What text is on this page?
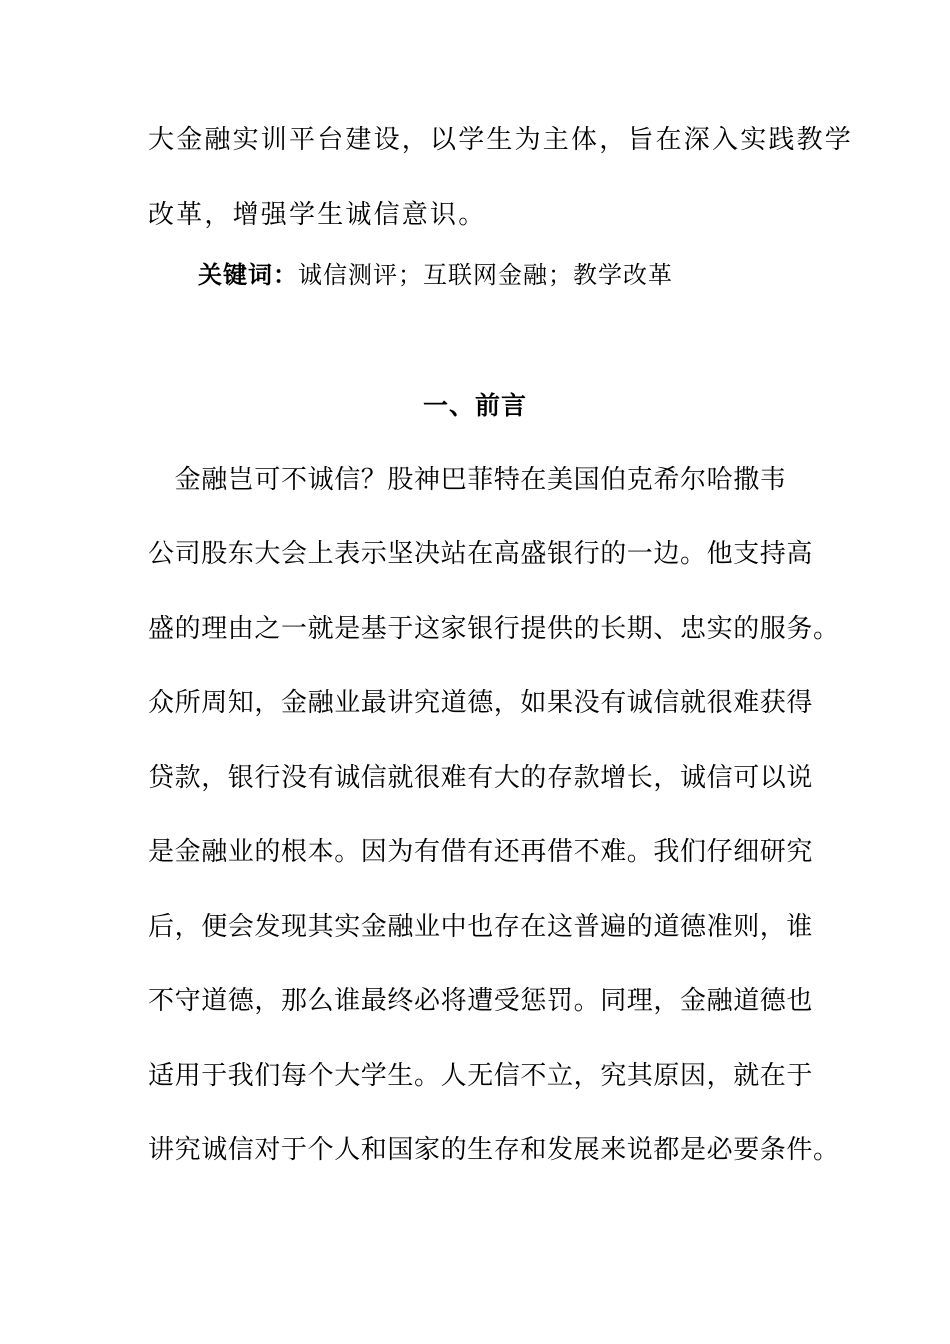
大金融实训平台建设，以学生为主体，旨在深入实践教学
改革，增强学生诚信意识。
关键词：诚信测评；互联网金融；教学改革
一、前言
　金融岂可不诚信？股神巴菲特在美国伯克希尔哈撒韦
公司股东大会上表示坚决站在高盛银行的一边。他支持高
盛的理由之一就是基于这家银行提供的长期、忠实的服务。
众所周知，金融业最讲究道德，如果没有诚信就很难获得
贷款，银行没有诚信就很难有大的存款增长，诚信可以说
是金融业的根本。因为有借有还再借不难。我们仔细研究
后，便会发现其实金融业中也存在这普遍的道德准则，谁
不守道德，那么谁最终必将遭受惩罚。同理，金融道德也
适用于我们每个大学生。人无信不立，究其原因，就在于
讲究诚信对于个人和国家的生存和发展来说都是必要条件。
